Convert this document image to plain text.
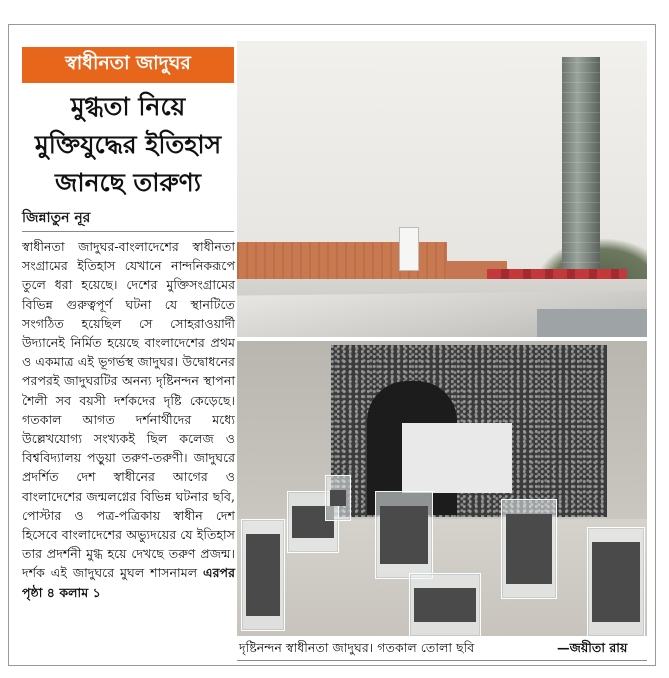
স্বাধীনতা জাদুঘর
মুগ্ধতা নিয়ে
মুক্তিযুদ্ধের ইতিহাস
জানছে তারুণ্য
জিন্নাতুন নূর

স্বাধীনতা জাদুঘর-বাংলাদেশের স্বাধীনতা সংগ্রামের ইতিহাস যেখানে নান্দনিকরূপে তুলে ধরা হয়েছে। দেশের মুক্তিসংগ্রামের বিভিন্ন গুরুত্বপূর্ণ ঘটনা যে স্থানটিতে সংগঠিত হয়েছিল সে সোহরাওয়ার্দী উদ্যানেই নির্মিত হয়েছে বাংলাদেশের প্রথম ও একমাত্র এই ভূগর্ভস্থ জাদুঘর। উদ্বোধনের পরপরই জাদুঘরটির অনন্য দৃষ্টিনন্দন স্থাপনা শৈলী সব বয়সী দর্শকদের দৃষ্টি কেড়েছে। গতকাল আগত দর্শনার্থীদের মধ্যে উল্লেখযোগ্য সংখ্যকই ছিল কলেজ ও বিশ্ববিদ্যালয় পড়ুয়া তরুণ-তরুণী। জাদুঘরে প্রদর্শিত দেশ স্বাধীনের আগের ও বাংলাদেশের জন্মলগ্নের বিভিন্ন ঘটনার ছবি, পোস্টার ও পত্র-পত্রিকায় স্বাধীন দেশ হিসেবে বাংলাদেশের অভ্যুদয়ের যে ইতিহাস তার প্রদর্শনী মুগ্ধ হয়ে দেখছে তরুণ প্রজন্ম। দর্শক এই জাদুঘরে মুঘল শাসনামল এরপর পৃষ্ঠা ৪ কলাম ১

দৃষ্টিনন্দন স্বাধীনতা জাদুঘর। গতকাল তোলা ছবি	—জয়ীতা রায়
